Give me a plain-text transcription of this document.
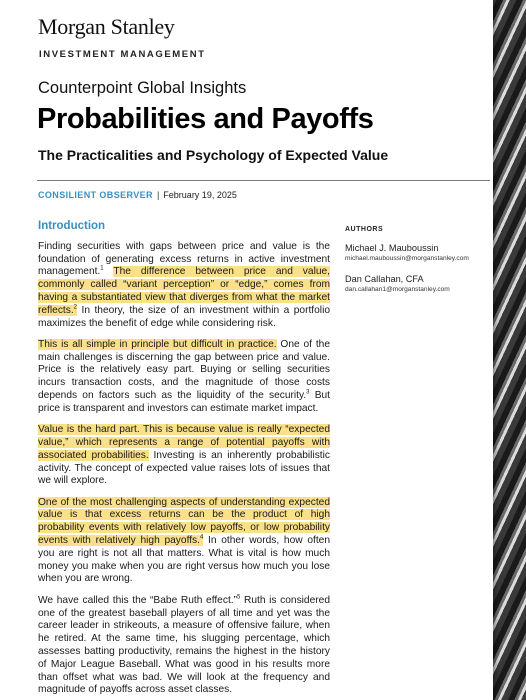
Morgan Stanley
INVESTMENT MANAGEMENT
Counterpoint Global Insights
Probabilities and Payoffs
The Practicalities and Psychology of Expected Value
CONSILIENT OBSERVER | February 19, 2025
Introduction

Finding securities with gaps between price and value is the foundation of generating excess returns in active investment management.$^1$ The difference between price and value, commonly called “variant perception” or “edge,” comes from having a substantiated view that diverges from what the market reflects.$^2$ In theory, the size of an investment within a portfolio maximizes the benefit of edge while considering risk.

This is all simple in principle but difficult in practice. One of the main challenges is discerning the gap between price and value. Price is the relatively easy part. Buying or selling securities incurs transaction costs, and the magnitude of those costs depends on factors such as the liquidity of the security.$^3$ But price is transparent and investors can estimate market impact.

Value is the hard part. This is because value is really “expected value,” which represents a range of potential payoffs with associated probabilities. Investing is an inherently probabilistic activity. The concept of expected value raises lots of issues that we will explore.

One of the most challenging aspects of understanding expected value is that excess returns can be the product of high probability events with relatively low payoffs, or low probability events with relatively high payoffs.$^4$ In other words, how often you are right is not all that matters. What is vital is how much money you make when you are right versus how much you lose when you are wrong.

We have called this the “Babe Ruth effect.”$^5$ Ruth is considered one of the greatest baseball players of all time and yet was the career leader in strikeouts, a measure of offensive failure, when he retired. At the same time, his slugging percentage, which assesses batting productivity, remains the highest in the history of Major League Baseball. What was good in his results more than offset what was bad. We will look at the frequency and magnitude of payoffs across asset classes.

AUTHORS
Michael J. Mauboussin
michael.mauboussin@morganstanley.com
Dan Callahan, CFA
dan.callahan1@morganstanley.com
